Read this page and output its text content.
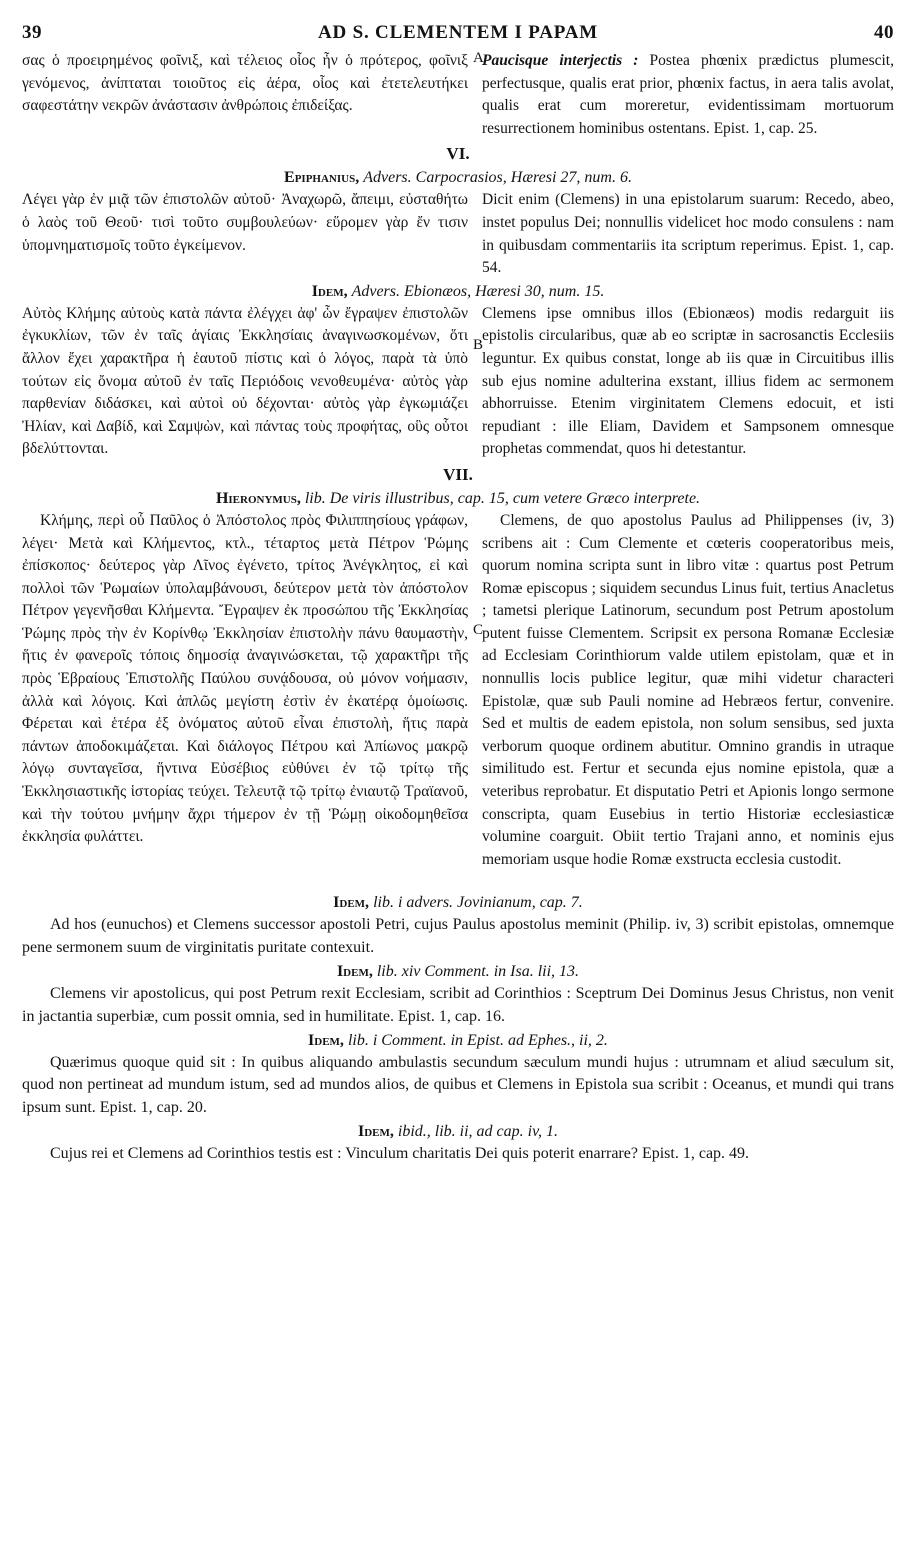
39	AD S. CLEMENTEM I PAPAM	40

σας ὁ προειρημένος φοῖνιξ, καὶ τέλειος οἷος ἦν ὁ πρότερος, φοῖνιξ γενόμενος, ἀνίπταται τοιοῦτος εἰς ἀέρα, οἷος καὶ ἐτετελευτήκει σαφεστάτην νεκρῶν ἀνάστασιν ἀνθρώποις ἐπιδείξας.

A

Paucisque interjectis : Postea phœnix prædictus plumescit, perfectusque, qualis erat prior, phœnix factus, in aera talis avolat, qualis erat cum moreretur, evidentissimam mortuorum resurrectionem hominibus ostentans. Epist. 1, cap. 25.

VI.
Epiphanius, Advers. Carpocrasios, Hæresi 27, num. 6.

Λέγει γὰρ ἐν μιᾷ τῶν ἐπιστολῶν αὐτοῦ· Ἀναχωρῶ, ἄπειμι, εὐσταθήτω ὁ λαὸς τοῦ Θεοῦ· τισὶ τοῦτο συμβουλεύων· εὕρομεν γὰρ ἔν τισιν ὑπομνηματισμοῖς τοῦτο ἐγκείμενον.

Dicit enim (Clemens) in una epistolarum suarum: Recedo, abeo, instet populus Dei; nonnullis videlicet hoc modo consulens : nam in quibusdam commentariis ita scriptum reperimus. Epist. 1, cap. 54.

Idem, Advers. Ebionæos, Hæresi 30, num. 15.

Αὐτὸς Κλήμης αὐτοὺς κατὰ πάντα ἐλέγχει ἀφ' ὧν ἔγραψεν ἐπιστολῶν ἐγκυκλίων, τῶν ἐν ταῖς ἁγίαις Ἐκκλησίαις ἀναγινωσκομένων, ὅτι ἄλλον ἔχει χαρακτῆρα ἡ ἑαυτοῦ πίστις καὶ ὁ λόγος, παρὰ τὰ ὑπὸ τούτων εἰς ὄνομα αὐτοῦ ἐν ταῖς Περιόδοις νενοθευμένα· αὐτὸς γὰρ παρθενίαν διδάσκει, καὶ αὐτοὶ οὐ δέχονται· αὐτὸς γὰρ ἐγκωμιάζει Ἠλίαν, καὶ Δαβίδ, καὶ Σαμψὼν, καὶ πάντας τοὺς προφήτας, οὓς οὗτοι βδελύττονται.

B

Clemens ipse omnibus illos (Ebionæos) modis redarguit iis epistolis circularibus, quæ ab eo scriptæ in sacrosanctis Ecclesiis leguntur. Ex quibus constat, longe ab iis quæ in Circuitibus illis sub ejus nomine adulterina exstant, illius fidem ac sermonem abhorruisse. Etenim virginitatem Clemens edocuit, et isti repudiant : ille Eliam, Davidem et Sampsonem omnesque prophetas commendat, quos hi detestantur.

VII.
Hieronymus, lib. De viris illustribus, cap. 15, cum vetere Græco interprete.

Κλήμης, περὶ οὗ Παῦλος ὁ Ἀπόστολος πρὸς Φιλιππησίους γράφων, λέγει· Μετὰ καὶ Κλήμεντος, κτλ., τέταρτος μετὰ Πέτρον Ῥώμης ἐπίσκοπος· δεύτερος γὰρ Λῖνος ἐγένετο, τρίτος Ἀνέγκλητος, εἰ καὶ πολλοὶ τῶν Ῥωμαίων ὑπολαμβάνουσι, δεύτερον μετὰ τὸν ἀπόστολον Πέτρον γεγενῆσθαι Κλήμεντα. Ἔγραψεν ἐκ προσώπου τῆς Ἐκκλησίας Ῥώμης πρὸς τὴν ἐν Κορίνθῳ Ἐκκλησίαν ἐπιστολὴν πάνυ θαυμαστὴν, ἥτις ἐν φανεροῖς τόποις δημοσίᾳ ἀναγινώσκεται, τῷ χαρακτῆρι τῆς πρὸς Ἑβραίους Ἐπιστολῆς Παύλου συνᾴδουσα, οὐ μόνον νοήμασιν, ἀλλὰ καὶ λόγοις. Καὶ ἁπλῶς μεγίστη ἐστὶν ἐν ἑκατέρᾳ ὁμοίωσις. Φέρεται καὶ ἑτέρα ἐξ ὀνόματος αὐτοῦ εἶναι ἐπιστολὴ, ἥτις παρὰ πάντων ἀποδοκιμάζεται. Καὶ διάλογος Πέτρου καὶ Ἀπίωνος μακρῷ λόγῳ συνταγεῖσα, ἥντινα Εὐσέβιος εὐθύνει ἐν τῷ τρίτῳ τῆς Ἐκκλησιαστικῆς ἱστορίας τεύχει. Τελευτᾷ τῷ τρίτῳ ἐνιαυτῷ Τραϊανοῦ, καὶ τὴν τούτου μνήμην ἄχρι τήμερον ἐν τῇ Ῥώμῃ οἰκοδομηθεῖσα ἐκκλησία φυλάττει.

C

Clemens, de quo apostolus Paulus ad Philippenses (iv, 3) scribens ait : Cum Clemente et cœteris cooperatoribus meis, quorum nomina scripta sunt in libro vitæ : quartus post Petrum Romæ episcopus ; siquidem secundus Linus fuit, tertius Anacletus ; tametsi plerique Latinorum, secundum post Petrum apostolum putent fuisse Clementem. Scripsit ex persona Romanæ Ecclesiæ ad Ecclesiam Corinthiorum valde utilem epistolam, quæ et in nonnullis locis publice legitur, quæ mihi videtur characteri Epistolæ, quæ sub Pauli nomine ad Hebræos fertur, convenire. Sed et multis de eadem epistola, non solum sensibus, sed juxta verborum quoque ordinem abutitur. Omnino grandis in utraque similitudo est. Fertur et secunda ejus nomine epistola, quæ a veteribus reprobatur. Et disputatio Petri et Apionis longo sermone conscripta, quam Eusebius in tertio Historiæ ecclesiasticæ volumine coarguit. Obiit tertio Trajani anno, et nominis ejus memoriam usque hodie Romæ exstructa ecclesia custodit.

Idem, lib. i advers. Jovinianum, cap. 7.

Ad hos (eunuchos) et Clemens successor apostoli Petri, cujus Paulus apostolus meminit (Philip. iv, 3) scribit epistolas, omnemque pene sermonem suum de virginitatis puritate contexuit.

Idem, lib. xiv Comment. in Isa. lii, 13.

Clemens vir apostolicus, qui post Petrum rexit Ecclesiam, scribit ad Corinthios : Sceptrum Dei Dominus Jesus Christus, non venit in jactantia superbiæ, cum possit omnia, sed in humilitate. Epist. 1, cap. 16.

Idem, lib. i Comment. in Epist. ad Ephes., ii, 2.

Quærimus quoque quid sit : In quibus aliquando ambulastis secundum sæculum mundi hujus : utrumnam et aliud sæculum sit, quod non pertineat ad mundum istum, sed ad mundos alios, de quibus et Clemens in Epistola sua scribit : Oceanus, et mundi qui trans ipsum sunt. Epist. 1, cap. 20.

Idem, ibid., lib. ii, ad cap. iv, 1.

Cujus rei et Clemens ad Corinthios testis est : Vinculum charitatis Dei quis poterit enarrare? Epist. 1, cap. 49.
